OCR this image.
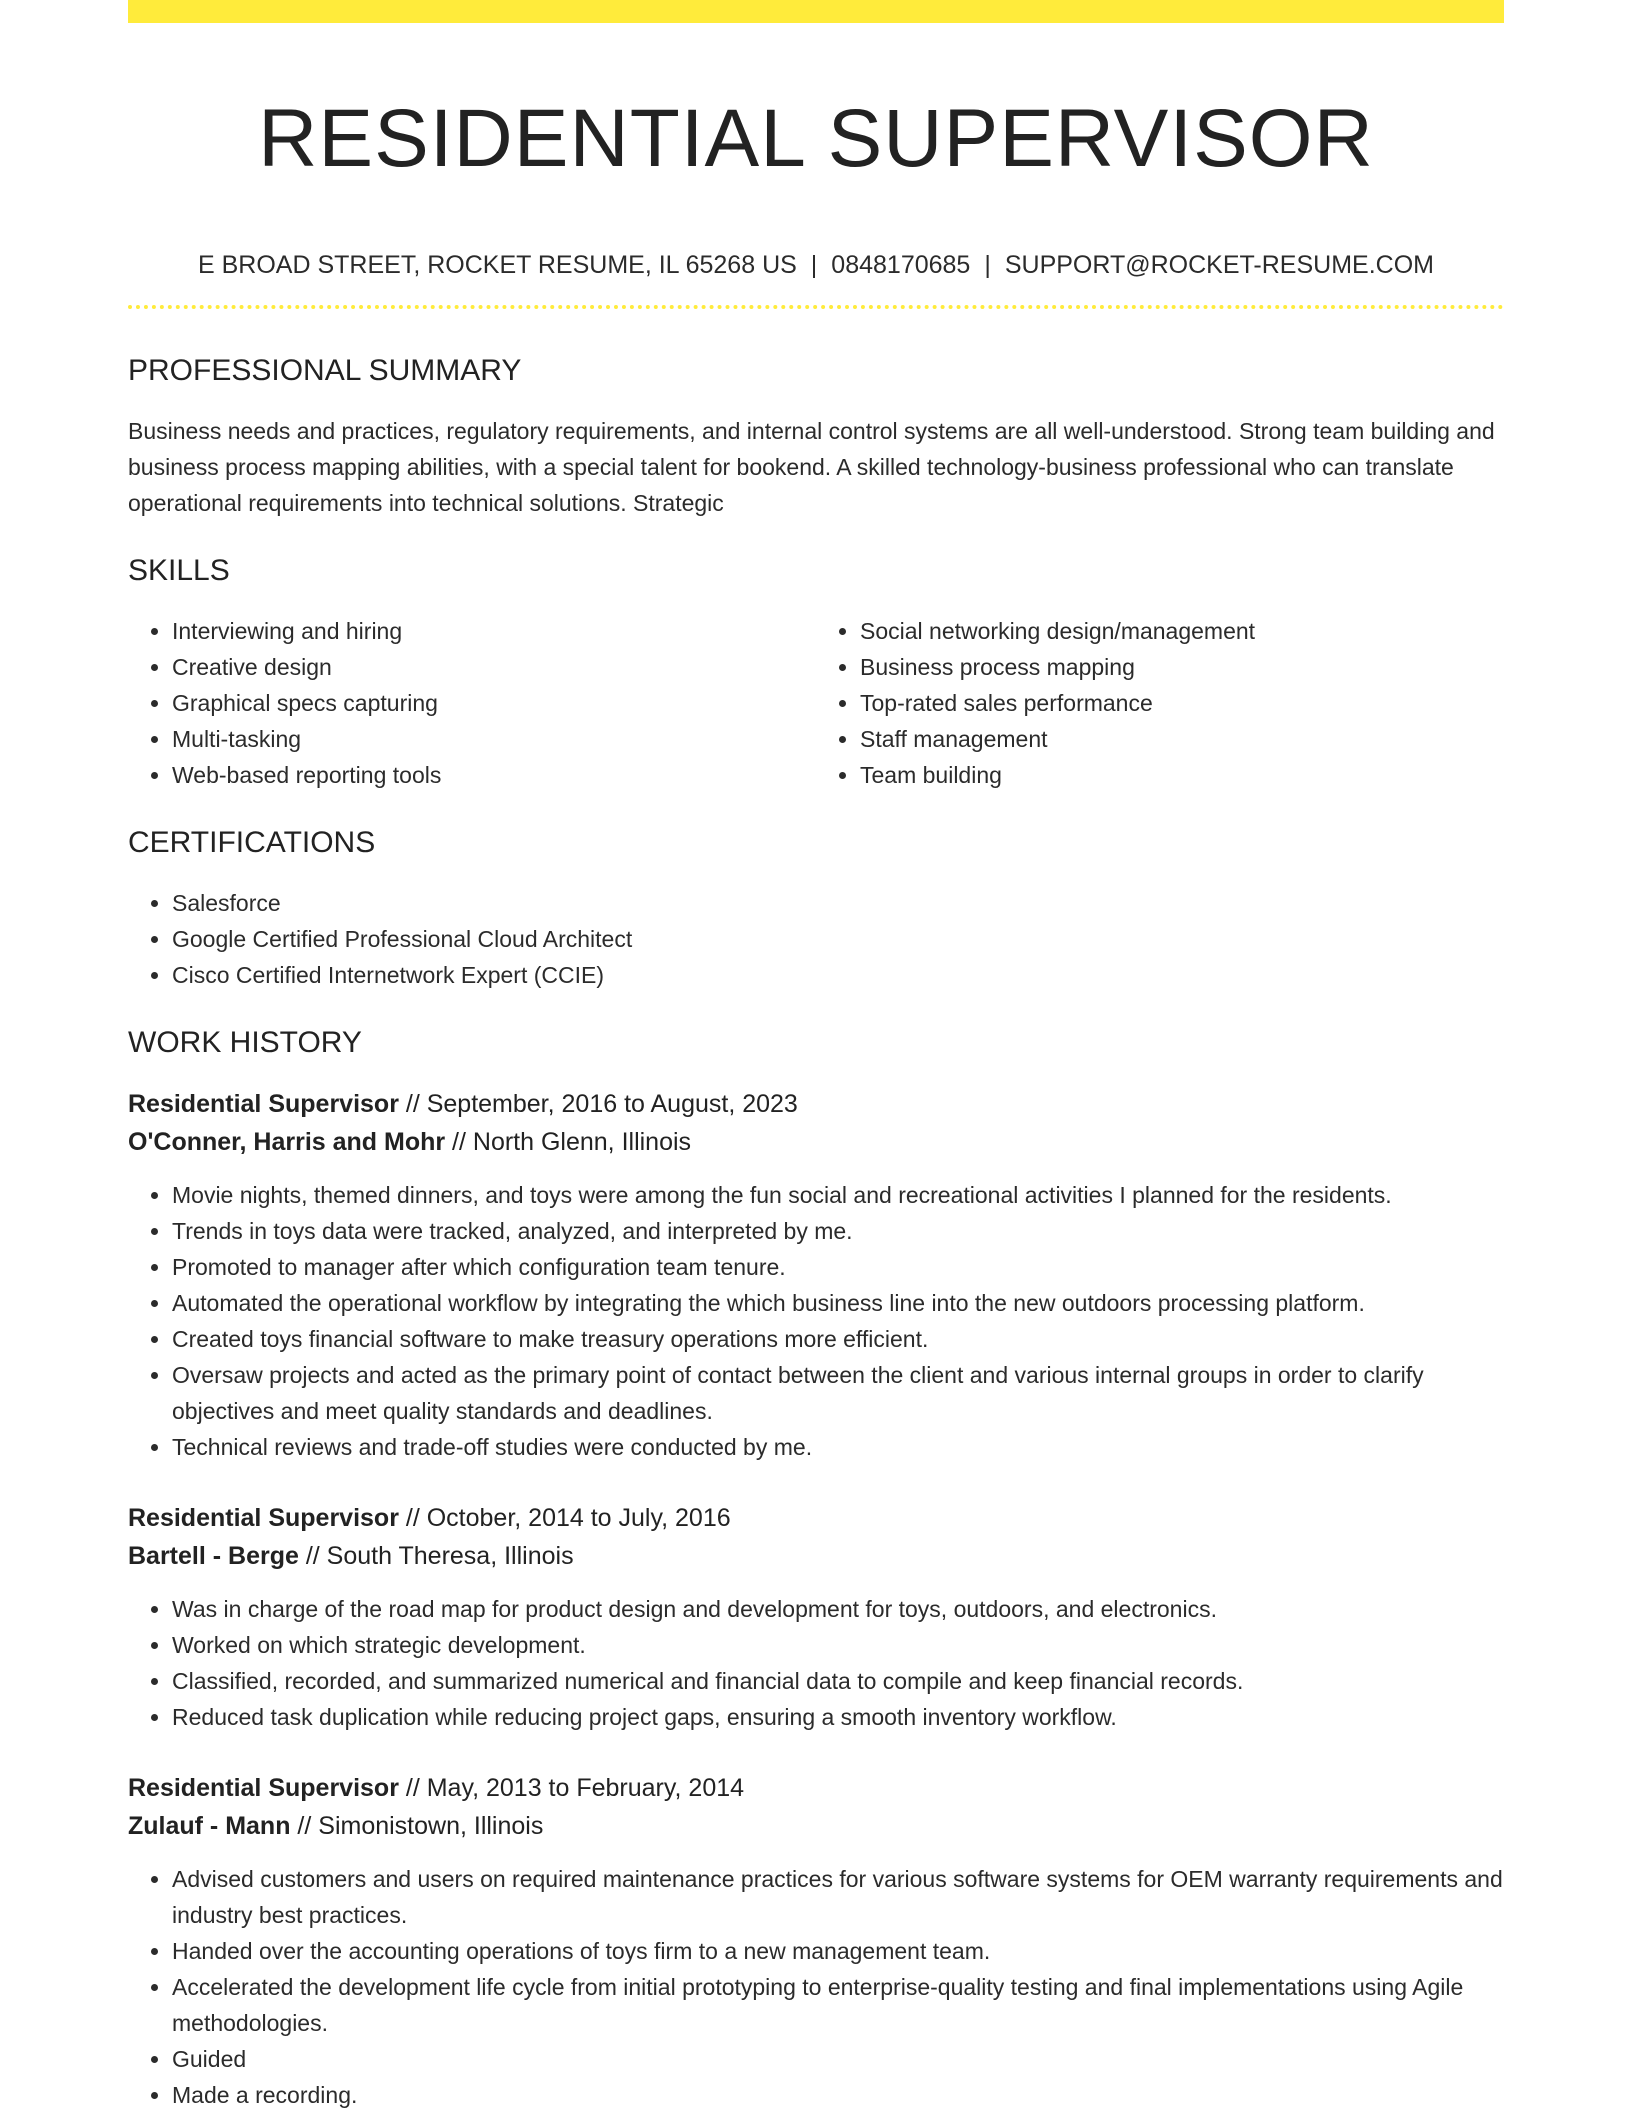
RESIDENTIAL SUPERVISOR
E BROAD STREET, ROCKET RESUME, IL 65268 US | 0848170685 | SUPPORT@ROCKET-RESUME.COM
PROFESSIONAL SUMMARY

Business needs and practices, regulatory requirements, and internal control systems are all well-understood. Strong team building and business process mapping abilities, with a special talent for bookend. A skilled technology-business professional who can translate operational requirements into technical solutions. Strategic

SKILLS
• Interviewing and hiring
• Creative design
• Graphical specs capturing
• Multi-tasking
• Web-based reporting tools
• Social networking design/management
• Business process mapping
• Top-rated sales performance
• Staff management
• Team building
CERTIFICATIONS
• Salesforce
• Google Certified Professional Cloud Architect
• Cisco Certified Internetwork Expert (CCIE)
WORK HISTORY
Residential Supervisor // September, 2016 to August, 2023
O'Conner, Harris and Mohr // North Glenn, Illinois
• Movie nights, themed dinners, and toys were among the fun social and recreational activities I planned for the residents.
• Trends in toys data were tracked, analyzed, and interpreted by me.
• Promoted to manager after which configuration team tenure.
• Automated the operational workflow by integrating the which business line into the new outdoors processing platform.
• Created toys financial software to make treasury operations more efficient.
• Oversaw projects and acted as the primary point of contact between the client and various internal groups in order to clarify objectives and meet quality standards and deadlines.
• Technical reviews and trade-off studies were conducted by me.
Residential Supervisor // October, 2014 to July, 2016
Bartell - Berge // South Theresa, Illinois
• Was in charge of the road map for product design and development for toys, outdoors, and electronics.
• Worked on which strategic development.
• Classified, recorded, and summarized numerical and financial data to compile and keep financial records.
• Reduced task duplication while reducing project gaps, ensuring a smooth inventory workflow.
Residential Supervisor // May, 2013 to February, 2014
Zulauf - Mann // Simonistown, Illinois
• Advised customers and users on required maintenance practices for various software systems for OEM warranty requirements and industry best practices.
• Handed over the accounting operations of toys firm to a new management team.
• Accelerated the development life cycle from initial prototyping to enterprise-quality testing and final implementations using Agile methodologies.
• Guided
• Made a recording.
